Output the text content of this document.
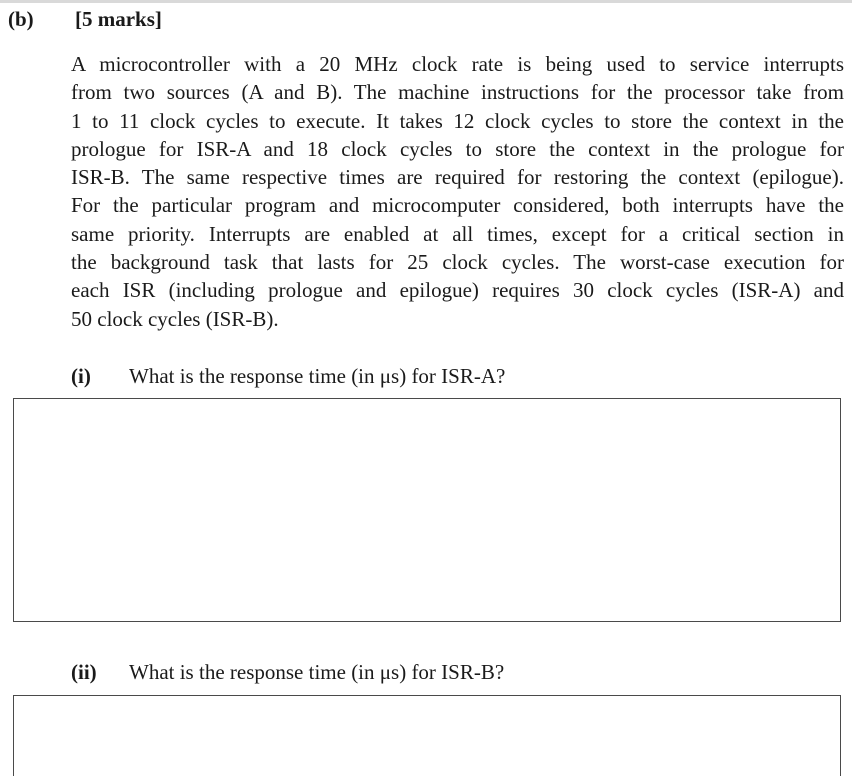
(b) [5 marks]
A microcontroller with a 20 MHz clock rate is being used to service interrupts
from two sources (A and B). The machine instructions for the processor take from
1 to 11 clock cycles to execute. It takes 12 clock cycles to store the context in the
prologue for ISR-A and 18 clock cycles to store the context in the prologue for
ISR-B. The same respective times are required for restoring the context (epilogue).
For the particular program and microcomputer considered, both interrupts have the
same priority. Interrupts are enabled at all times, except for a critical section in
the background task that lasts for 25 clock cycles. The worst-case execution for
each ISR (including prologue and epilogue) requires 30 clock cycles (ISR-A) and
50 clock cycles (ISR-B).
(i) What is the response time (in μs) for ISR-A?
(ii) What is the response time (in μs) for ISR-B?
